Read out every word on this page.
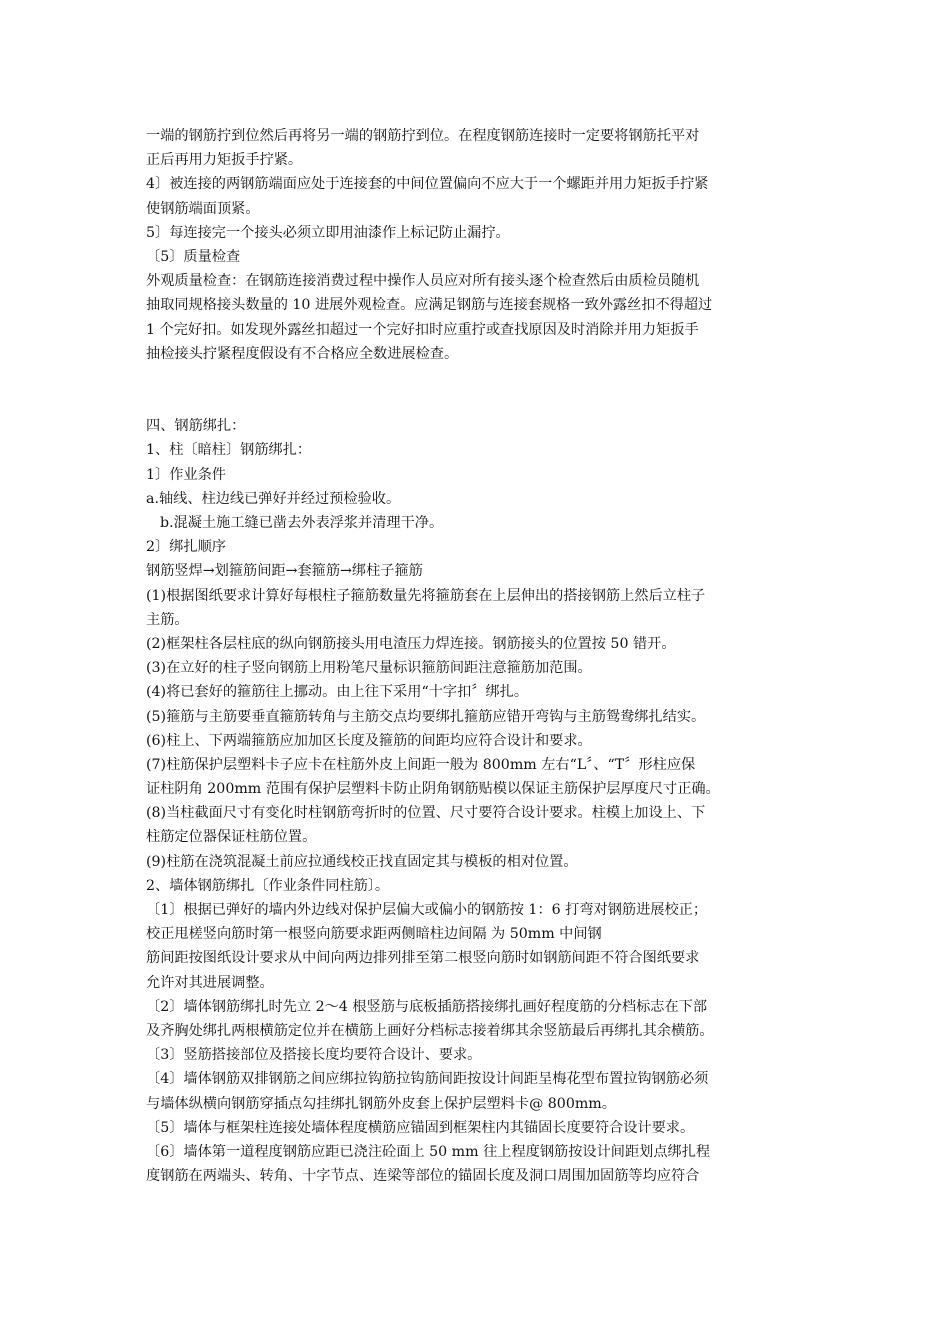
一端的钢筋拧到位然后再将另一端的钢筋拧到位。在程度钢筋连接时一定要将钢筋托平对
正后再用力矩扳手拧紧。
4〕被连接的两钢筋端面应处于连接套的中间位置偏向不应大于一个螺距并用力矩扳手拧紧
使钢筋端面顶紧。
5〕每连接完一个接头必须立即用油漆作上标记防止漏拧。
〔5〕质量检查
外观质量检查：在钢筋连接消费过程中操作人员应对所有接头逐个检查然后由质检员随机
抽取同规格接头数量的 10 进展外观检查。应满足钢筋与连接套规格一致外露丝扣不得超过
1 个完好扣。如发现外露丝扣超过一个完好扣时应重拧或查找原因及时消除并用力矩扳手
抽检接头拧紧程度假设有不合格应全数进展检查。
四、钢筋绑扎：
1、柱〔暗柱〕钢筋绑扎：
1〕作业条件
a.轴线、柱边线已弹好并经过预检验收。
b.混凝土施工缝已凿去外表浮浆并清理干净。
2〕绑扎顺序
钢筋竖焊→划箍筋间距→套箍筋→绑柱子箍筋
(1)根据图纸要求计算好每根柱子箍筋数量先将箍筋套在上层伸出的搭接钢筋上然后立柱子
主筋。
(2)框架柱各层柱底的纵向钢筋接头用电渣压力焊连接。钢筋接头的位置按 50 错开。
(3)在立好的柱子竖向钢筋上用粉笔尺量标识箍筋间距注意箍筋加范围。
(4)将已套好的箍筋往上挪动。由上往下采用“十字扣〞绑扎。
(5)箍筋与主筋要垂直箍筋转角与主筋交点均要绑扎箍筋应错开弯钩与主筋鸳鸯绑扎结实。
(6)柱上、下两端箍筋应加加区长度及箍筋的间距均应符合设计和要求。
(7)柱筋保护层塑料卡子应卡在柱筋外皮上间距一般为 800mm 左右“L〞、“T〞形柱应保
证柱阴角 200mm 范围有保护层塑料卡防止阴角钢筋贴模以保证主筋保护层厚度尺寸正确。
(8)当柱截面尺寸有变化时柱钢筋弯折时的位置、尺寸要符合设计要求。柱模上加设上、下
柱筋定位器保证柱筋位置。
(9)柱筋在浇筑混凝土前应拉通线校正找直固定其与模板的相对位置。
2、墙体钢筋绑扎〔作业条件同柱筋〕。
〔1〕根据已弹好的墙内外边线对保护层偏大或偏小的钢筋按 1：6 打弯对钢筋进展校正；
校正甩槎竖向筋时第一根竖向筋要求距两侧暗柱边间隔 为 50mm 中间钢
筋间距按图纸设计要求从中间向两边排列排至第二根竖向筋时如钢筋间距不符合图纸要求
允许对其进展调整。
〔2〕墙体钢筋绑扎时先立 2～4 根竖筋与底板插筋搭接绑扎画好程度筋的分档标志在下部
及齐胸处绑扎两根横筋定位并在横筋上画好分档标志接着绑其余竖筋最后再绑扎其余横筋。
〔3〕竖筋搭接部位及搭接长度均要符合设计、要求。
〔4〕墙体钢筋双排钢筋之间应绑拉钩筋拉钩筋间距按设计间距呈梅花型布置拉钩钢筋必须
与墙体纵横向钢筋穿插点勾挂绑扎钢筋外皮套上保护层塑料卡@ 800mm。
〔5〕墙体与框架柱连接处墙体程度横筋应锚固到框架柱内其锚固长度要符合设计要求。
〔6〕墙体第一道程度钢筋应距已浇注砼面上 50 mm 往上程度钢筋按设计间距划点绑扎程
度钢筋在两端头、转角、十字节点、连梁等部位的锚固长度及洞口周围加固筋等均应符合
